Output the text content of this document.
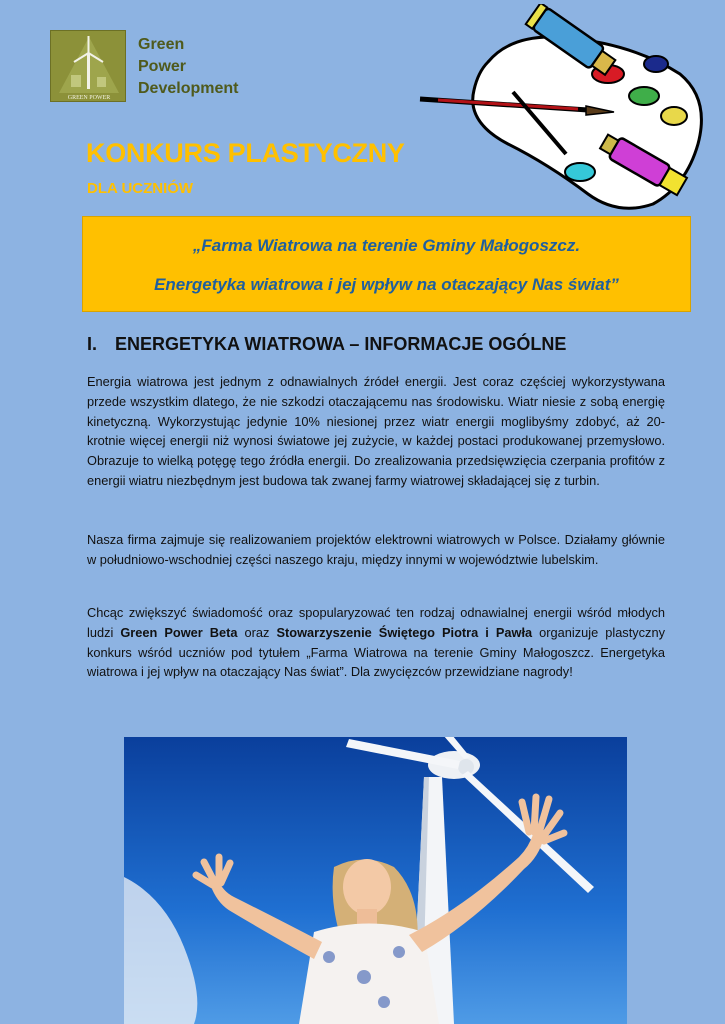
GREEN POWER
Green
Power
Development
KONKURS PLASTYCZNY
DLA UCZNIÓW

„Farma Wiatrowa na terenie Gminy Małogoszcz.

Energetyka wiatrowa i jej wpływ na otaczający Nas świat”

I. ENERGETYKA WIATROWA – INFORMACJE OGÓLNE

Energia wiatrowa jest jednym z odnawialnych źródeł energii. Jest coraz częściej wykorzystywana przede wszystkim dlatego, że nie szkodzi otaczającemu nas środowisku. Wiatr niesie z sobą energię kinetyczną. Wykorzystując jedynie 10% niesionej przez wiatr energii moglibyśmy zdobyć, aż 20-krotnie więcej energii niż wynosi światowe jej zużycie, w każdej postaci produkowanej przemysłowo. Obrazuje to wielką potęgę tego źródła energii. Do zrealizowania przedsięwzięcia czerpania profitów z energii wiatru niezbędnym jest budowa tak zwanej farmy wiatrowej składającej się z turbin.

Nasza firma zajmuje się realizowaniem projektów elektrowni wiatrowych w Polsce. Działamy głównie w południowo-wschodniej części naszego kraju, między innymi w województwie lubelskim.

Chcąc zwiększyć świadomość oraz spopularyzować ten rodzaj odnawialnej energii wśród młodych ludzi Green Power Beta oraz Stowarzyszenie Świętego Piotra i Pawła organizuje plastyczny konkurs wśród uczniów pod tytułem „Farma Wiatrowa na terenie Gminy Małogoszcz. Energetyka wiatrowa i jej wpływ na otaczający Nas świat”. Dla zwycięzców przewidziane nagrody!
